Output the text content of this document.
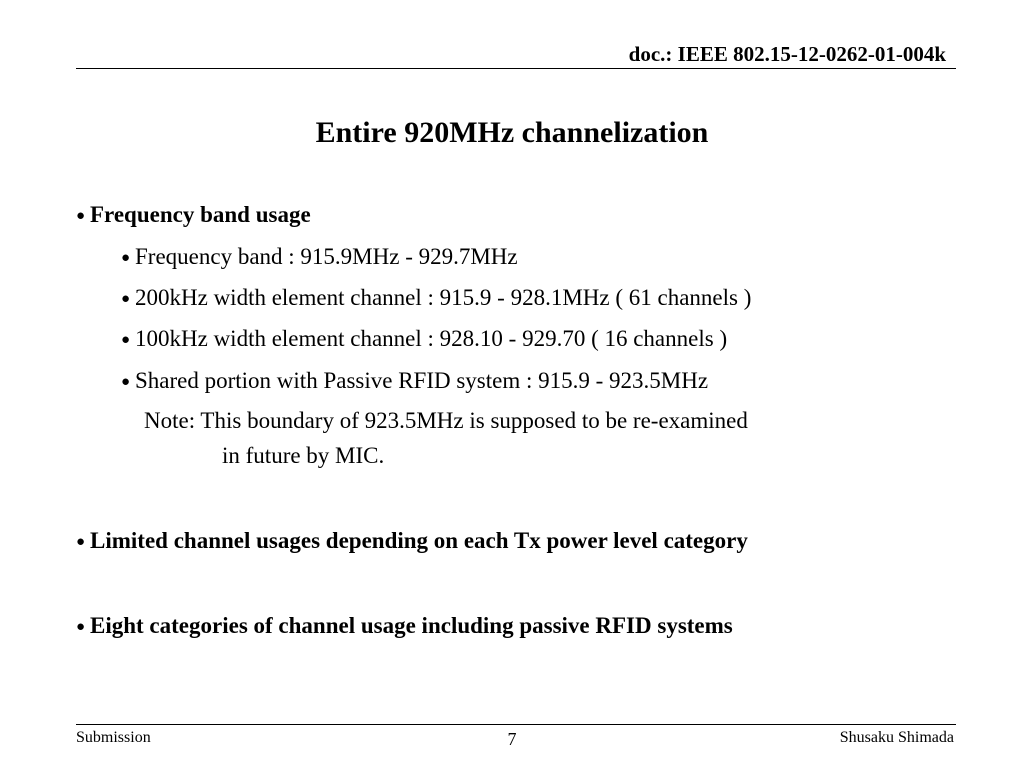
doc.: IEEE 802.15-12-0262-01-004k
Entire 920MHz channelization
● Frequency band usage
● Frequency band : 915.9MHz - 929.7MHz
● 200kHz width element channel : 915.9 - 928.1MHz ( 61 channels )
● 100kHz width element channel : 928.10 - 929.70 ( 16 channels )
● Shared portion with Passive RFID system : 915.9 - 923.5MHz
Note: This boundary of 923.5MHz is supposed to be re-examined
in future by MIC.
● Limited channel usages depending on each Tx power level category
● Eight categories of channel usage including passive RFID systems
Submission	7	Shusaku Shimada
